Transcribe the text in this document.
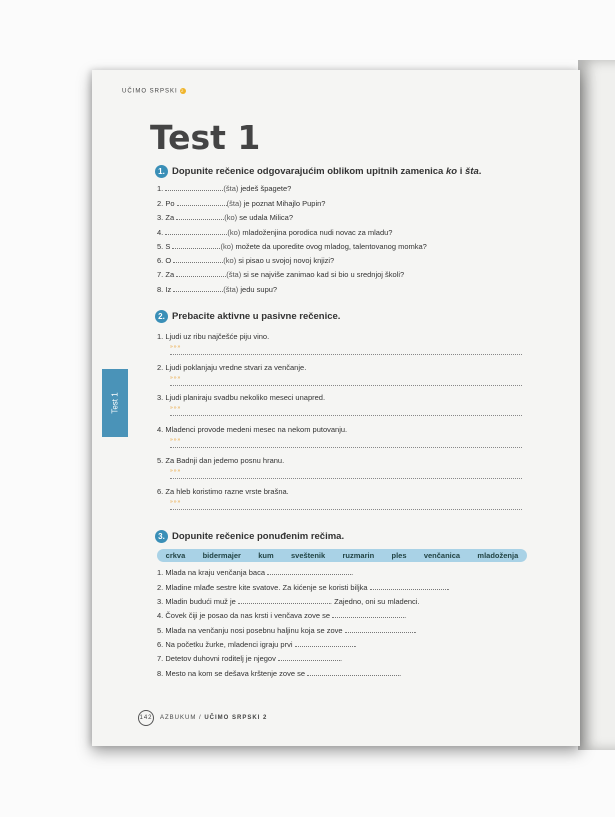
UČIMO SRPSKI 2
Test 1
Test 1
1. Dopunite rečenice odgovarajućim oblikom upitnih zamenica ko i šta.
1.	(šta) jedeš špagete?
2. Po	(šta) je poznat Mihajlo Pupin?
3. Za	(ko) se udala Milica?
4.	(ko) mladoženjina porodica nudi novac za mladu?
5. S	(ko) možete da uporedite ovog mladog, talentovanog momka?
6. O	(ko) si pisao u svojoj novoj knjizi?
7. Za	(šta) si se najviše zanimao kad si bio u srednjoj školi?
8. Iz	(šta) jedu supu?
1. Ljudi uz ribu najčešće piju vino.
»»»
2. Ljudi poklanjaju vredne stvari za venčanje.
»»»
3. Ljudi planiraju svadbu nekoliko meseci unapred.
»»»
4. Mladenci provode medeni mesec na nekom putovanju.
»»»
5. Za Badnji dan jedemo posnu hranu.
»»»
6. Za hleb koristimo razne vrste brašna.
»»»
1. Mlada na kraju venčanja baca	.
2. Mladine mlađe sestre kite svatove. Za kićenje se koristi biljka	.
3. Mladin budući muž je	. Zajedno, oni su mladenci.
4. Čovek čiji je posao da nas krsti i venčava zove se	.
5. Mlada na venčanju nosi posebnu haljinu koja se zove	.
6. Na početku žurke, mladenci igraju prvi	.
7. Detetov duhovni roditelj je njegov	.
8. Mesto na kom se dešava krštenje zove se	.
2. Prebacite aktivne u pasivne rečenice.
3. Dopunite rečenice ponuđenim rečima.
crkva bidermajer kum sveštenik ruzmarin ples venčanica mladoženja
142 AZBUKUM /
UČIMO SRPSKI 2
